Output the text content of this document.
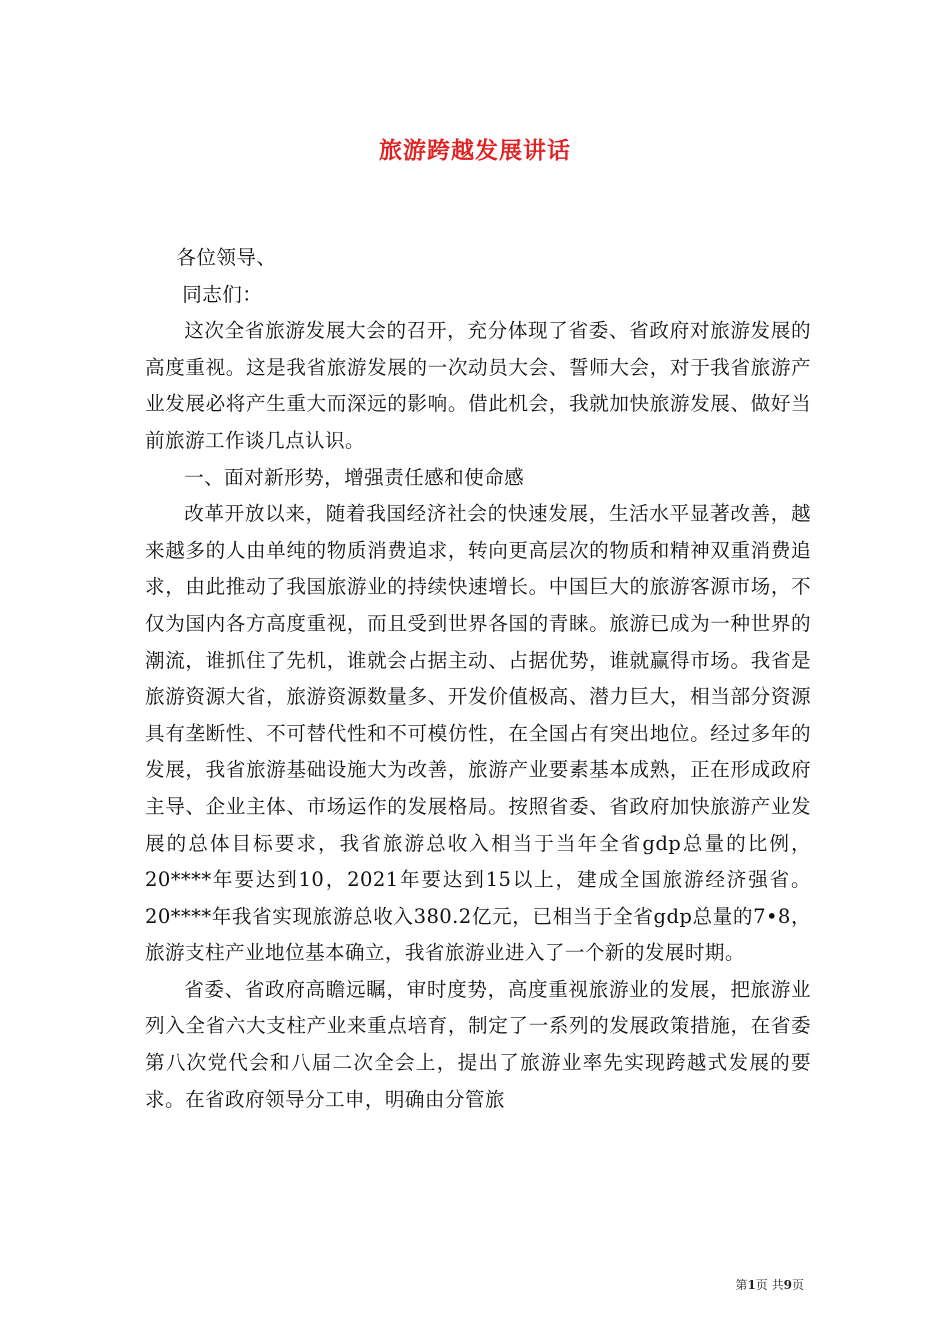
旅游跨越发展讲话

各位领导、

同志们：

这次全省旅游发展大会的召开，充分体现了省委、省政府对旅游发展的高度重视。这是我省旅游发展的一次动员大会、誓师大会，对于我省旅游产业发展必将产生重大而深远的影响。借此机会，我就加快旅游发展、做好当前旅游工作谈几点认识。

一、面对新形势，增强责任感和使命感

改革开放以来，随着我国经济社会的快速发展，生活水平显著改善，越来越多的人由单纯的物质消费追求，转向更高层次的物质和精神双重消费追求，由此推动了我国旅游业的持续快速增长。中国巨大的旅游客源市场，不仅为国内各方高度重视，而且受到世界各国的青睐。旅游已成为一种世界的潮流，谁抓住了先机，谁就会占据主动、占据优势，谁就赢得市场。我省是旅游资源大省，旅游资源数量多、开发价值极高、潜力巨大，相当部分资源具有垄断性、不可替代性和不可模仿性，在全国占有突出地位。经过多年的发展，我省旅游基础设施大为改善，旅游产业要素基本成熟，正在形成政府主导、企业主体、市场运作的发展格局。按照省委、省政府加快旅游产业发展的总体目标要求，我省旅游总收入相当于当年全省gdp总量的比例，20****年要达到10，2021年要达到15以上，建成全国旅游经济强省。20****年我省实现旅游总收入380.2亿元，已相当于全省gdp总量的7•8，旅游支柱产业地位基本确立，我省旅游业进入了一个新的发展时期。

省委、省政府高瞻远瞩，审时度势，高度重视旅游业的发展，把旅游业列入全省六大支柱产业来重点培育，制定了一系列的发展政策措施，在省委第八次党代会和八届二次全会上，提出了旅游业率先实现跨越式发展的要求。在省政府领导分工申，明确由分管旅

第1页 共9页
